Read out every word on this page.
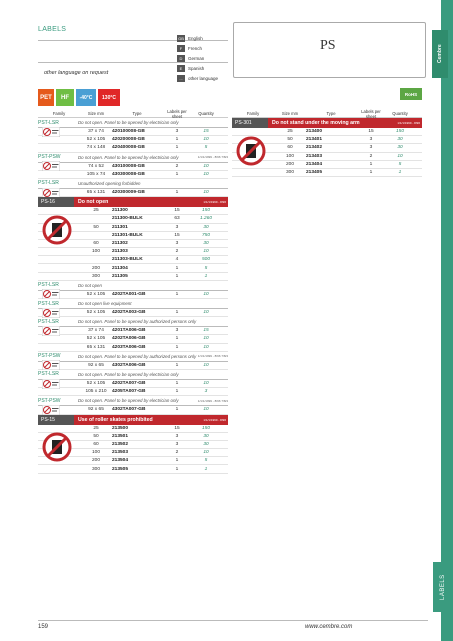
LABELS
other language on request
GB English
F	French
D	German
E	Spanish
...	other language
PS	Cembre
PET	HF	-40°C	130°C
RoHS
Family	Size mm	Type	Labels per sheet	Quantity
PST-LSR	Do not open. Panel to be opened by electrician only
37 x 74	420100008-GB	3	15
52 x 105	420200008-GB	1	10
74 x 148	420400008-GB	1	5
PST-PSW	Do not open. Panel to be opened by electrician only	1/1/1/1999 - 8/96 7/8/4
74 x 52	430100008-GB	2	10
105 x 74	430300008-GB	1	10
PST-LSR	Unauthorized opening forbidden
65 x 131	420300009-GB	1	10
PS-16	Do not open	1/1/1/1999 - 8/96
25	211300	15	150
211300-BULK	63	1.260
50	211301	3	30
211301-BULK	15	750
60	211302	3	30
100	211303	2	10
211303-BULK	4	500
200	211304	1	5
300	211305	1	1
PST-LSR	Do not open
52 x 105	4202TA001-GB	1	10
PST-LSR	Do not open live equipment
52 x 105	4202TA003-GB	1	10
PST-LSR	Do not open. Panel to be opened by authorized persons only
37 x 74	4201TA006-GB	3	15
52 x 105	4202TA006-GB	1	10
65 x 131	4203TA006-GB	1	10
PST-PSW	Do not open. Panel to be opened by authorized persons only 1/1/1/1999 - 8/96 7/8/4
92 x 65	4302TA006-GB	1	10
PST-LSR	Do not open. Panel to be opened by electrician only
52 x 105	4202TA007-GB	1	10
105 x 210	4205TA007-GB	1	3
PST-PSW	Do not open. Panel to be opened by electrician only	1/1/1/1999 - 8/96 7/8/4
92 x 65	4302TA007-GB	1	10
PS-15	Use of roller skates prohibited	1/1/1/1999 - 8/96
25	213500	15	150
50	213501	3	30
60	213502	3	30
100	213503	2	10
200	213504	1	5
300	213505	1	1
Family	Size mm	Type	Labels per sheet	Quantity
PS-301	Do not stand under the moving arm	1/1/1/1999 - 8/96
25	213400	15	150
50	213401	3	30
60	213402	3	30
100	213403	2	10
200	213404	1	5
300	213405	1	1
159	www.cembre.com
LABELS
